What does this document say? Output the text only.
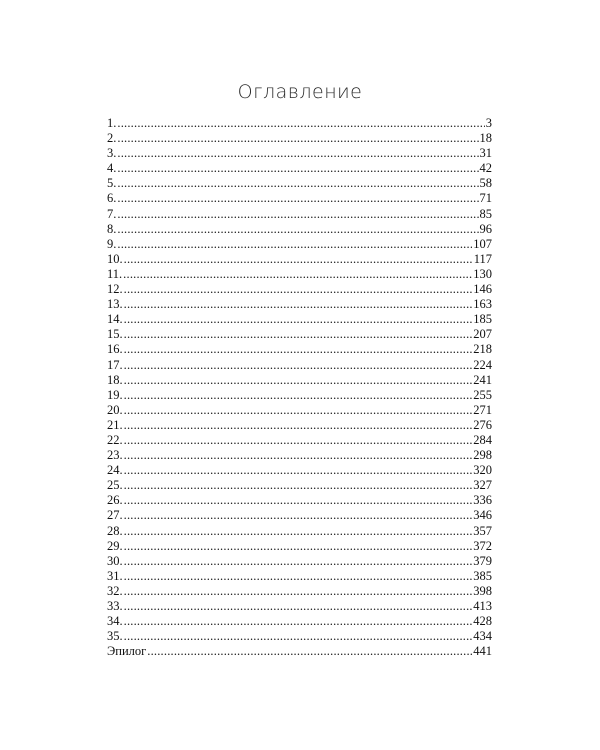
Оглавление
1. .....	3
2. .....	18
3. .....	31
4. .....	42
5. .....	58
6. .....	71
7. .....	85
8. .....	96
9. .....	107
10. .....	117
11. .....	130
12. .....	146
13. .....	163
14. .....	185
15. .....	207
16. .....	218
17. .....	224
18. .....	241
19. .....	255
20. .....	271
21. .....	276
22. .....	284
23. .....	298
24. .....	320
25. .....	327
26. .....	336
27. .....	346
28. .....	357
29. .....	372
30. .....	379
31. .....	385
32. .....	398
33. .....	413
34. .....	428
35. .....	434
Эпилог .....	441
